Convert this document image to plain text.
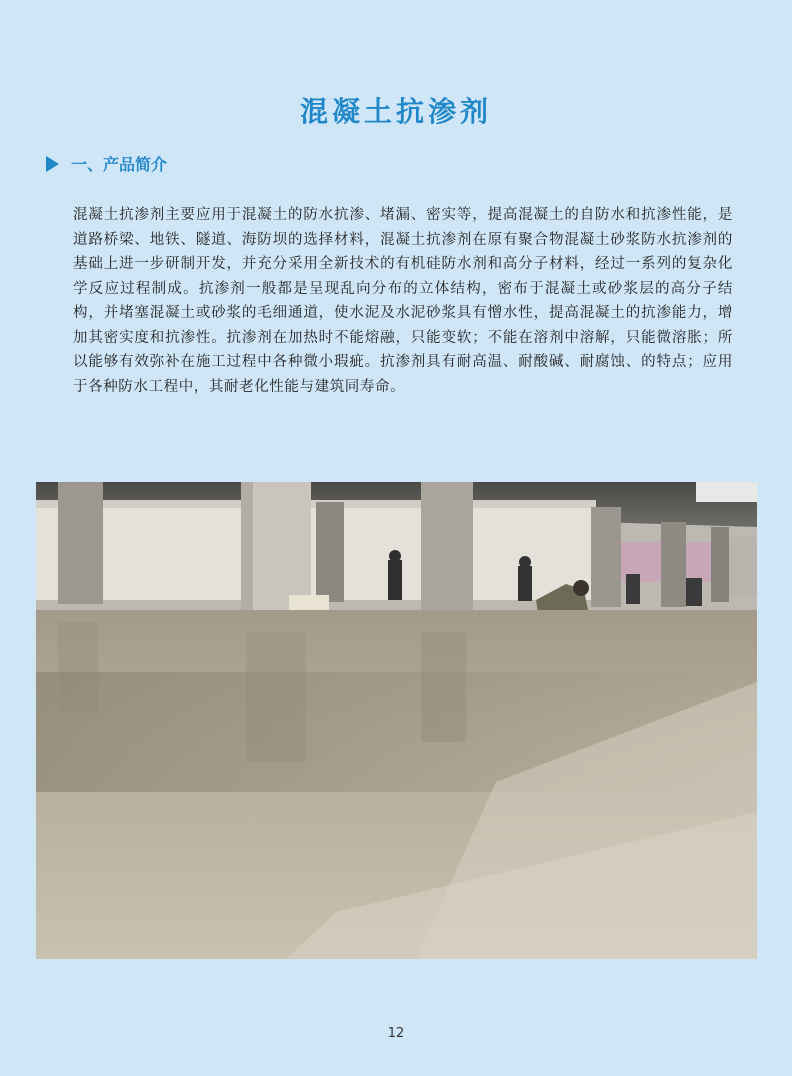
混凝土抗渗剂
一、产品简介

混凝土抗渗剂主要应用于混凝土的防水抗渗、堵漏、密实等，提高混凝土的自防水和抗渗性能，是道路桥梁、地铁、隧道、海防坝的选择材料，混凝土抗渗剂在原有聚合物混凝土砂浆防水抗渗剂的基础上进一步研制开发，并充分采用全新技术的有机硅防水剂和高分子材料，经过一系列的复杂化学反应过程制成。抗渗剂一般都是呈现乱向分布的立体结构，密布于混凝土或砂浆层的高分子结构，并堵塞混凝土或砂浆的毛细通道，使水泥及水泥砂浆具有憎水性，提高混凝土的抗渗能力，增加其密实度和抗渗性。抗渗剂在加热时不能熔融，只能变软；不能在溶剂中溶解，只能微溶胀；所以能够有效弥补在施工过程中各种微小瑕疵。抗渗剂具有耐高温、耐酸碱、耐腐蚀、的特点；应用于各种防水工程中，其耐老化性能与建筑同寿命。

12
